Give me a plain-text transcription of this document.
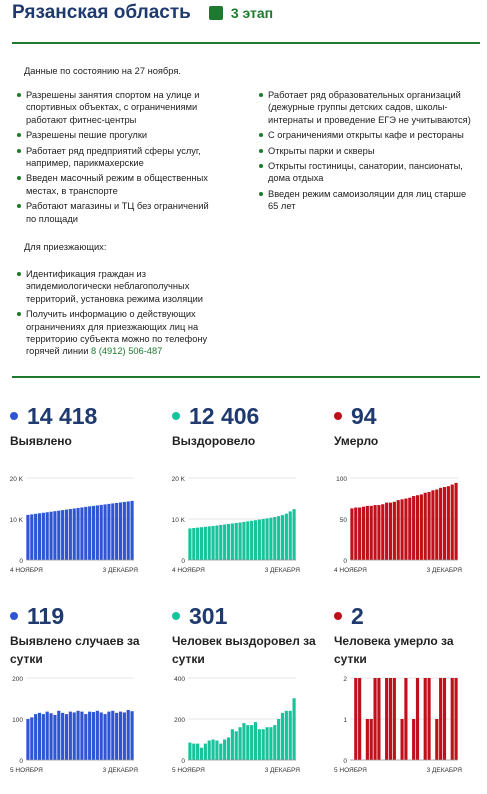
Рязанская область	3 этап
Данные по состоянию на 27 ноября.
Разрешены занятия спортом на улице и спортивных объектах, с ограничениями работают фитнес-центры
Разрешены пешие прогулки
Работает ряд предприятий сферы услуг, например, парикмахерские
Введен масочный режим в общественных местах, в транспорте
Работают магазины и ТЦ без ограничений по площади
Работает ряд образовательных организаций (дежурные группы детских садов, школы-интернаты и проведение ЕГЭ не учитываются)
С ограничениями открыты кафе и рестораны
Открыты парки и скверы
Открыты гостиницы, санатории, пансионаты, дома отдыха
Введен режим самоизоляции для лиц старше 65 лет
Для приезжающих:
Идентификация граждан из эпидемиологически неблагополучных территорий, установка режима изоляции
Получить информацию о действующих ограничениях для приезжающих лиц на территорию субъекта можно по телефону горячей линии 8 (4912) 506-487
14 418
Выявлено
0
10 K
20 K
4 НОЯБРЯ	3 ДЕКАБРЯ
12 406
Выздоровело
0
10 K
20 K
4 НОЯБРЯ	3 ДЕКАБРЯ
94
Умерло
0
50
100
4 НОЯБРЯ	3 ДЕКАБРЯ
119
Выявлено случаев за сутки
0
100
200
5 НОЯБРЯ	3 ДЕКАБРЯ
301
Человек выздоровел за сутки
0
200
400
5 НОЯБРЯ	3 ДЕКАБРЯ
2
Человека умерло за сутки
0
1
2
5 НОЯБРЯ	3 ДЕКАБРЯ
